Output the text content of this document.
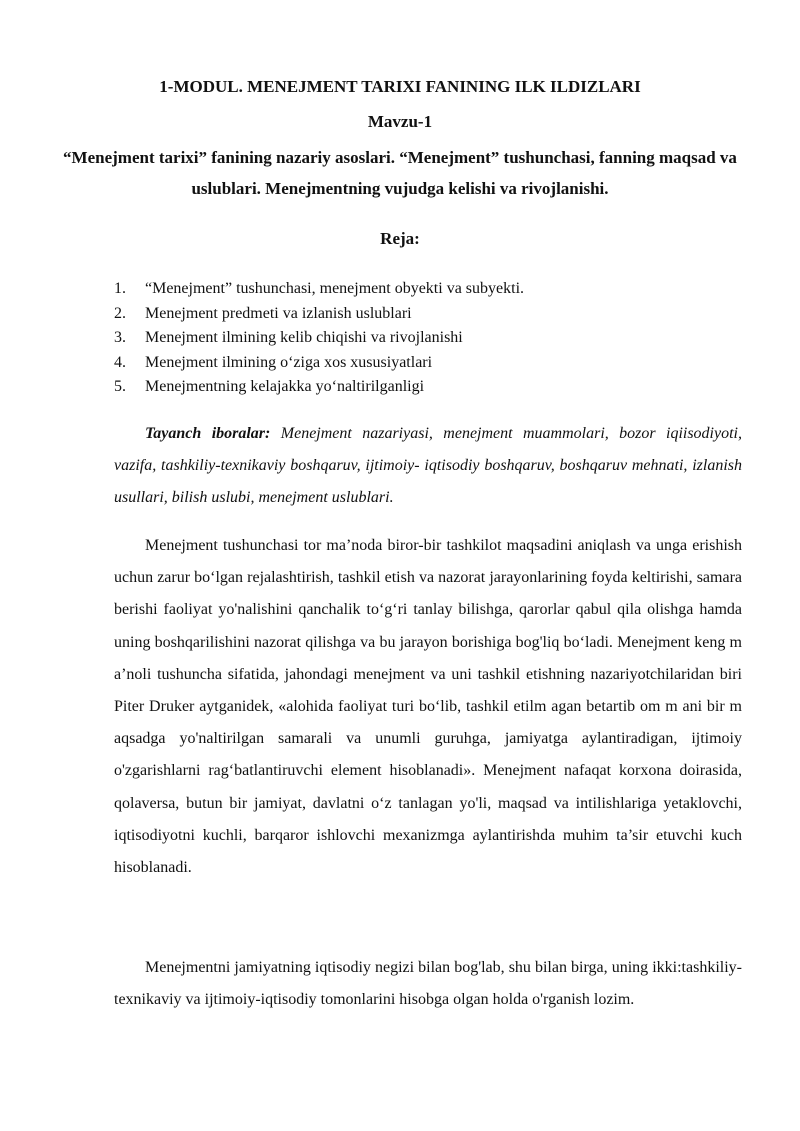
1-MODUL. MENEJMENT TARIXI FANINING ILK ILDIZLARI

Mavzu-1

“Menejment tarixi” fanining nazariy asoslari. “Menejment” tushunchasi, fanning maqsad va uslublari. Menejmentning vujudga kelishi va rivojlanishi.

Reja:

1. “Menejment” tushunchasi, menejment obyekti va subyekti.
2. Menejment predmeti va izlanish uslublari
3. Menejment ilmining kelib chiqishi va rivojlanishi
4. Menejment ilmining o‘ziga xos xususiyatlari
5. Menejmentning kelajakka yo‘naltirilganligi

Tayanch iboralar: Menejment nazariyasi, menejment muammolari, bozor iqiisodiyoti, vazifa, tashkiliy-texnikaviy boshqaruv, ijtimoiy- iqtisodiy boshqaruv, boshqaruv mehnati, izlanish usullari, bilish uslubi, menejment uslublari.

Menejment tushunchasi tor ma’noda biror-bir tashkilot maqsadini aniqlash va unga erishish uchun zarur bo‘lgan rejalashtirish, tashkil etish va nazorat jarayonlarining foyda keltirishi, samara berishi faoliyat yo'nalishini qanchalik to‘g‘ri tanlay bilishga, qarorlar qabul qila olishga hamda uning boshqarilishini nazorat qilishga va bu jarayon borishiga bog'liq bo‘ladi. Menejment keng m a’noli tushuncha sifatida, jahondagi menejment va uni tashkil etishning nazariyotchilaridan biri Piter Druker aytganidek, «alohida faoliyat turi bo‘lib, tashkil etilm agan betartib om m ani bir m aqsadga yo'naltirilgan samarali va unumli guruhga, jamiyatga aylantiradigan, ijtimoiy o'zgarishlarni rag‘batlantiruvchi element hisoblanadi». Menejment nafaqat korxona doirasida, qolaversa, butun bir jamiyat, davlatni o‘z tanlagan yo'li, maqsad va intilishlariga yetaklovchi, iqtisodiyotni kuchli, barqaror ishlovchi mexanizmga aylantirishda muhim ta’sir etuvchi kuch hisoblanadi.

Menejmentni jamiyatning iqtisodiy negizi bilan bog'lab, shu bilan birga, uning ikki:tashkiliy-texnikaviy va ijtimoiy-iqtisodiy tomonlarini hisobga olgan holda o'rganish lozim.
